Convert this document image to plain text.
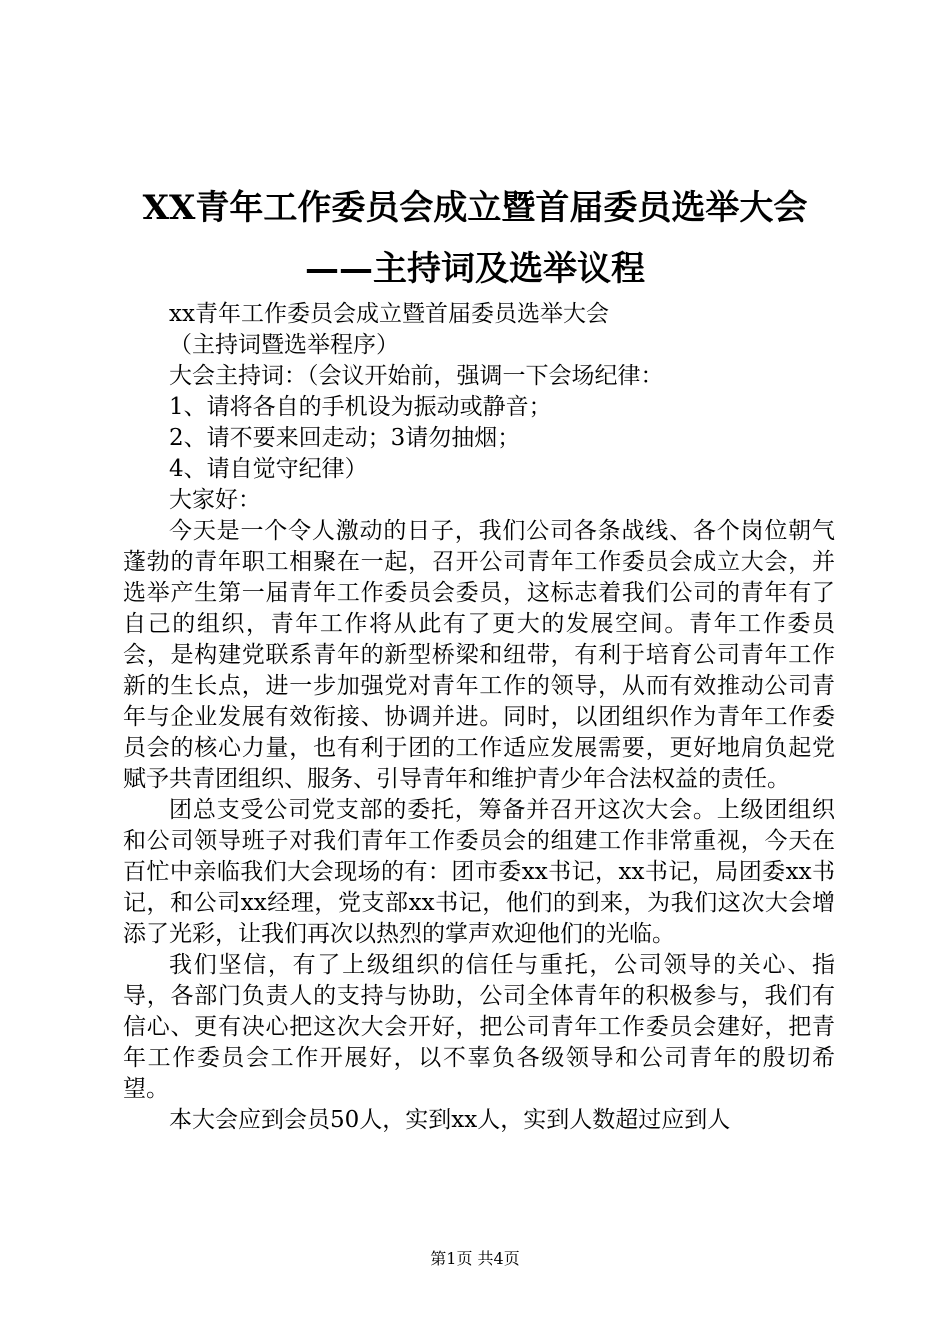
XX青年工作委员会成立暨首届委员选举大会
——主持词及选举议程

xx青年工作委员会成立暨首届委员选举大会

（主持词暨选举程序）

大会主持词：（会议开始前，强调一下会场纪律：

1、请将各自的手机设为振动或静音；

2、请不要来回走动；3请勿抽烟；

4、请自觉守纪律）

大家好：

今天是一个令人激动的日子，我们公司各条战线、各个岗位朝气蓬勃的青年职工相聚在一起，召开公司青年工作委员会成立大会，并选举产生第一届青年工作委员会委员，这标志着我们公司的青年有了自己的组织，青年工作将从此有了更大的发展空间。青年工作委员会，是构建党联系青年的新型桥梁和纽带，有利于培育公司青年工作新的生长点，进一步加强党对青年工作的领导，从而有效推动公司青年与企业发展有效衔接、协调并进。同时，以团组织作为青年工作委员会的核心力量，也有利于团的工作适应发展需要，更好地肩负起党赋予共青团组织、服务、引导青年和维护青少年合法权益的责任。

团总支受公司党支部的委托，筹备并召开这次大会。上级团组织和公司领导班子对我们青年工作委员会的组建工作非常重视，今天在百忙中亲临我们大会现场的有：团市委xx书记，xx书记，局团委xx书记，和公司xx经理，党支部xx书记，他们的到来，为我们这次大会增添了光彩，让我们再次以热烈的掌声欢迎他们的光临。

我们坚信，有了上级组织的信任与重托，公司领导的关心、指导，各部门负责人的支持与协助，公司全体青年的积极参与，我们有信心、更有决心把这次大会开好，把公司青年工作委员会建好，把青年工作委员会工作开展好，以不辜负各级领导和公司青年的殷切希望。

本大会应到会员50人，实到xx人，实到人数超过应到人

第1页 共4页
